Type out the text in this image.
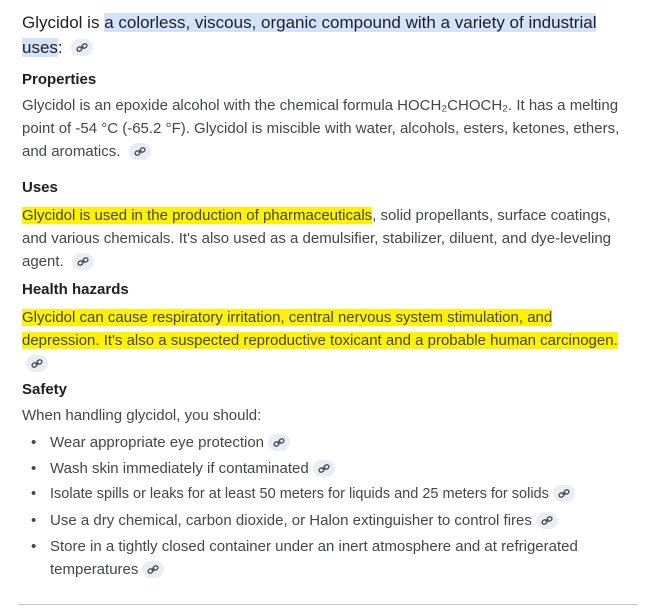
Glycidol is a colorless, viscous, organic compound with a variety of industrial uses:

Properties

Glycidol is an epoxide alcohol with the chemical formula HOCH₂CHOCH₂. It has a melting point of -54 °C (-65.2 °F). Glycidol is miscible with water, alcohols, esters, ketones, ethers, and aromatics.

Uses

Glycidol is used in the production of pharmaceuticals, solid propellants, surface coatings, and various chemicals. It's also used as a demulsifier, stabilizer, diluent, and dye-leveling agent.

Health hazards

Glycidol can cause respiratory irritation, central nervous system stimulation, and depression. It's also a suspected reproductive toxicant and a probable human carcinogen.

Safety

When handling glycidol, you should:

• Wear appropriate eye protection
• Wash skin immediately if contaminated
• Isolate spills or leaks for at least 50 meters for liquids and 25 meters for solids
• Use a dry chemical, carbon dioxide, or Halon extinguisher to control fires
• Store in a tightly closed container under an inert atmosphere and at refrigerated temperatures
